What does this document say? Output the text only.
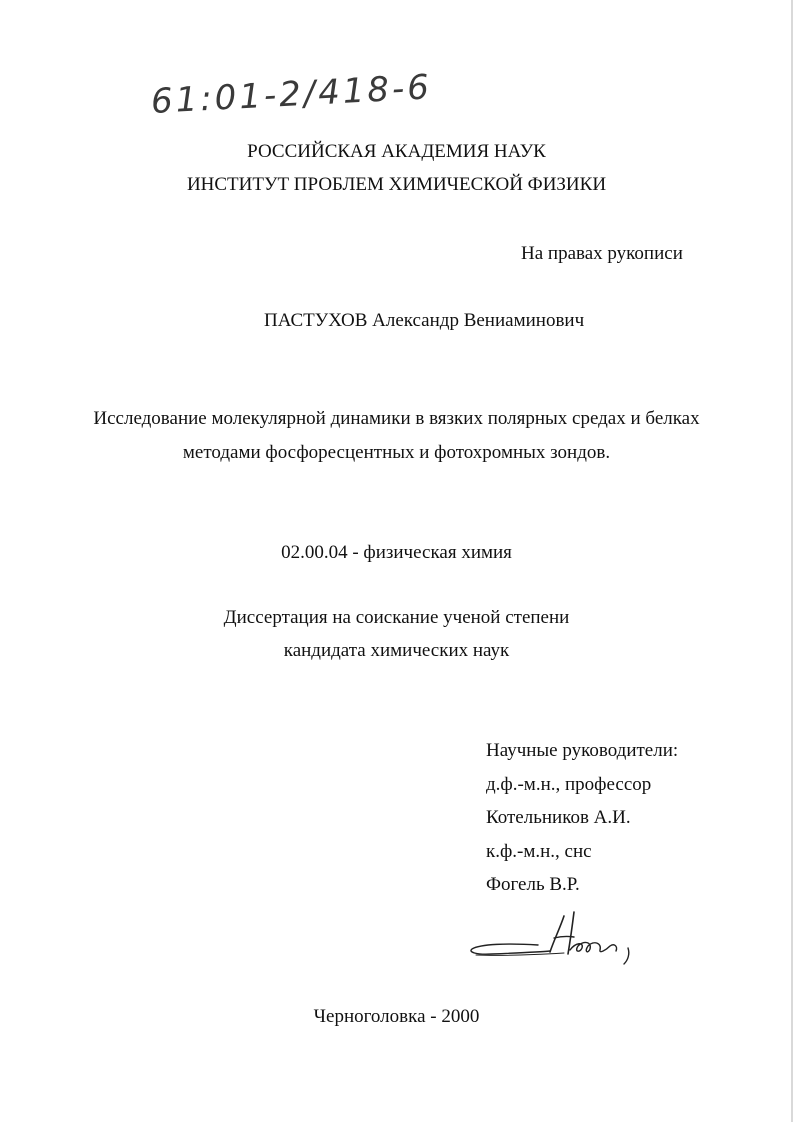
61:01-2/418-6
РОССИЙСКАЯ АКАДЕМИЯ НАУК
ИНСТИТУТ ПРОБЛЕМ ХИМИЧЕСКОЙ ФИЗИКИ
На правах рукописи
ПАСТУХОВ Александр Вениаминович
Исследование молекулярной динамики в вязких полярных средах и белках
методами фосфоресцентных и фотохромных зондов.
02.00.04 - физическая химия
Диссертация на соискание ученой степени
кандидата химических наук
Научные руководители:
д.ф.-м.н., профессор
Котельников А.И.
к.ф.-м.н., снс
Фогель В.Р.
Черноголовка - 2000
